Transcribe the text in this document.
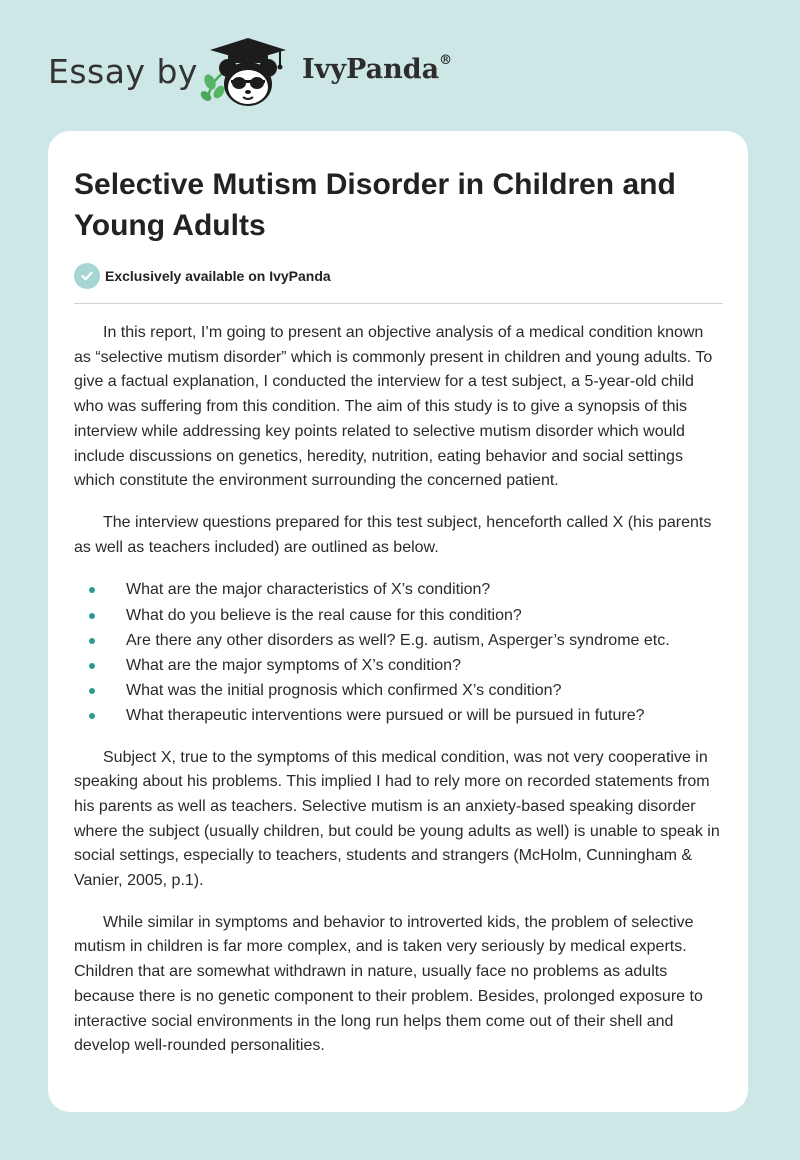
Essay by	IvyPanda®
Selective Mutism Disorder in Children and Young Adults
Exclusively available on IvyPanda

In this report, I’m going to present an objective analysis of a medical condition known as “selective mutism disorder” which is commonly present in children and young adults. To give a factual explanation, I conducted the interview for a test subject, a 5-year-old child who was suffering from this condition. The aim of this study is to give a synopsis of this interview while addressing key points related to selective mutism disorder which would include discussions on genetics, heredity, nutrition, eating behavior and social settings which constitute the environment surrounding the concerned patient.

The interview questions prepared for this test subject, henceforth called X (his parents as well as teachers included) are outlined as below.

What are the major characteristics of X’s condition?
What do you believe is the real cause for this condition?
Are there any other disorders as well? E.g. autism, Asperger’s syndrome etc.
What are the major symptoms of X’s condition?
What was the initial prognosis which confirmed X’s condition?
What therapeutic interventions were pursued or will be pursued in future?

Subject X, true to the symptoms of this medical condition, was not very cooperative in speaking about his problems. This implied I had to rely more on recorded statements from his parents as well as teachers. Selective mutism is an anxiety-based speaking disorder where the subject (usually children, but could be young adults as well) is unable to speak in social settings, especially to teachers, students and strangers (McHolm, Cunningham & Vanier, 2005, p.1).

While similar in symptoms and behavior to introverted kids, the problem of selective mutism in children is far more complex, and is taken very seriously by medical experts. Children that are somewhat withdrawn in nature, usually face no problems as adults because there is no genetic component to their problem. Besides, prolonged exposure to interactive social environments in the long run helps them come out of their shell and develop well-rounded personalities.
